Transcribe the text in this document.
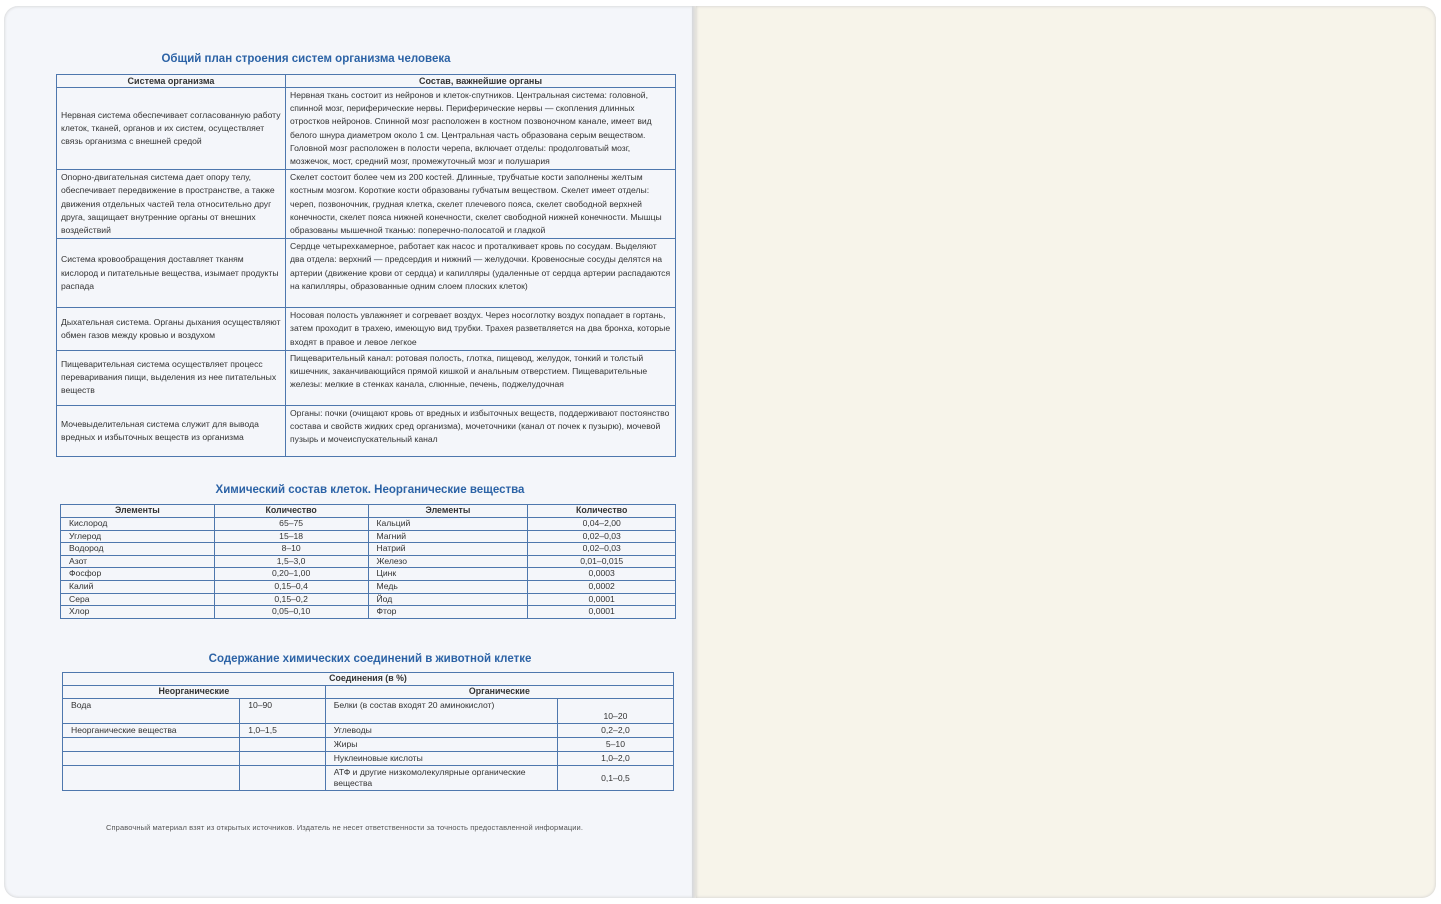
Общий план строения систем организма человека
Система организма	Состав, важнейшие органы
Нервная система обеспечивает согласованную работу клеток, тканей, органов и их систем, осуществляет связь организма с внешней средой	Нервная ткань состоит из нейронов и клеток-спутников. Центральная система: головной, спинной мозг, периферические нервы. Периферические нервы — скопления длинных отростков нейронов. Спинной мозг расположен в костном позвоночном канале, имеет вид белого шнура диаметром около 1 см. Центральная часть образована серым веществом. Головной мозг расположен в полости черепа, включает отделы: продолговатый мозг, мозжечок, мост, средний мозг, промежуточный мозг и полушария
Опорно-двигательная система дает опору телу, обеспечивает передвижение в пространстве, а также движения отдельных частей тела относительно друг друга, защищает внутренние органы от внешних воздействий	Скелет состоит более чем из 200 костей. Длинные, трубчатые кости заполнены желтым костным мозгом. Короткие кости образованы губчатым веществом. Скелет имеет отделы: череп, позвоночник, грудная клетка, скелет плечевого пояса, скелет свободной верхней конечности, скелет пояса нижней конечности, скелет свободной нижней конечности. Мышцы образованы мышечной тканью: поперечно-полосатой и гладкой
Система кровообращения доставляет тканям кислород и питательные вещества, изымает продукты распада	Сердце четырехкамерное, работает как насос и проталкивает кровь по сосудам. Выделяют два отдела: верхний — предсердия и нижний — желудочки. Кровеносные сосуды делятся на артерии (движение крови от сердца) и капилляры (удаленные от сердца артерии распадаются на капилляры, образованные одним слоем плоских клеток)
Дыхательная система. Органы дыхания осуществляют обмен газов между кровью и воздухом	Носовая полость увлажняет и согревает воздух. Через носоглотку воздух попадает в гортань, затем проходит в трахею, имеющую вид трубки. Трахея разветвляется на два бронха, которые входят в правое и левое легкое
Пищеварительная система осуществляет процесс переваривания пищи, выделения из нее питательных веществ	Пищеварительный канал: ротовая полость, глотка, пищевод, желудок, тонкий и толстый кишечник, заканчивающийся прямой кишкой и анальным отверстием. Пищеварительные железы: мелкие в стенках канала, слюнные, печень, поджелудочная
Мочевыделительная система служит для вывода вредных и избыточных веществ из организма	Органы: почки (очищают кровь от вредных и избыточных веществ, поддерживают постоянство состава и свойств жидких сред организма), мочеточники (канал от почек к пузырю), мочевой пузырь и мочеиспускательный канал
Химический состав клеток. Неорганические вещества
Элементы	Количество	Элементы	Количество
Кислород	65–75	Кальций	0,04–2,00
Углерод	15–18	Магний	0,02–0,03
Водород	8–10	Натрий	0,02–0,03
Азот	1,5–3,0	Железо	0,01–0,015
Фосфор	0,20–1,00	Цинк	0,0003
Калий	0,15–0,4	Медь	0,0002
Сера	0,15–0,2	Йод	0,0001
Хлор	0,05–0,10	Фтор	0,0001
Содержание химических соединений в животной клетке
Соединения (в %)			
Неорганические		Органические	
Вода	10–90	Белки (в состав входят 20 аминокислот)	10–20
Неорганические вещества	1,0–1,5	Углеводы	0,2–2,0
		Жиры	5–10
		Нуклеиновые кислоты	1,0–2,0
		АТФ и другие низкомолекулярные органические вещества	0,1–0,5
Справочный материал взят из открытых источников. Издатель не несет ответственности за точность предоставленной информации.
